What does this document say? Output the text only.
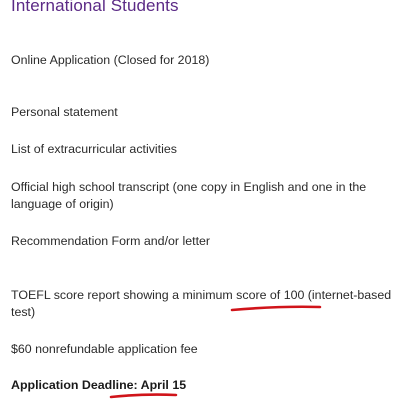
International Students

Online Application (Closed for 2018)

Personal statement

List of extracurricular activities

Official high school transcript (one copy in English and one in the language of origin)

Recommendation Form and/or letter

TOEFL score report showing a minimum score of 100 (internet-based test)

$60 nonrefundable application fee

Application Deadline: April 15
